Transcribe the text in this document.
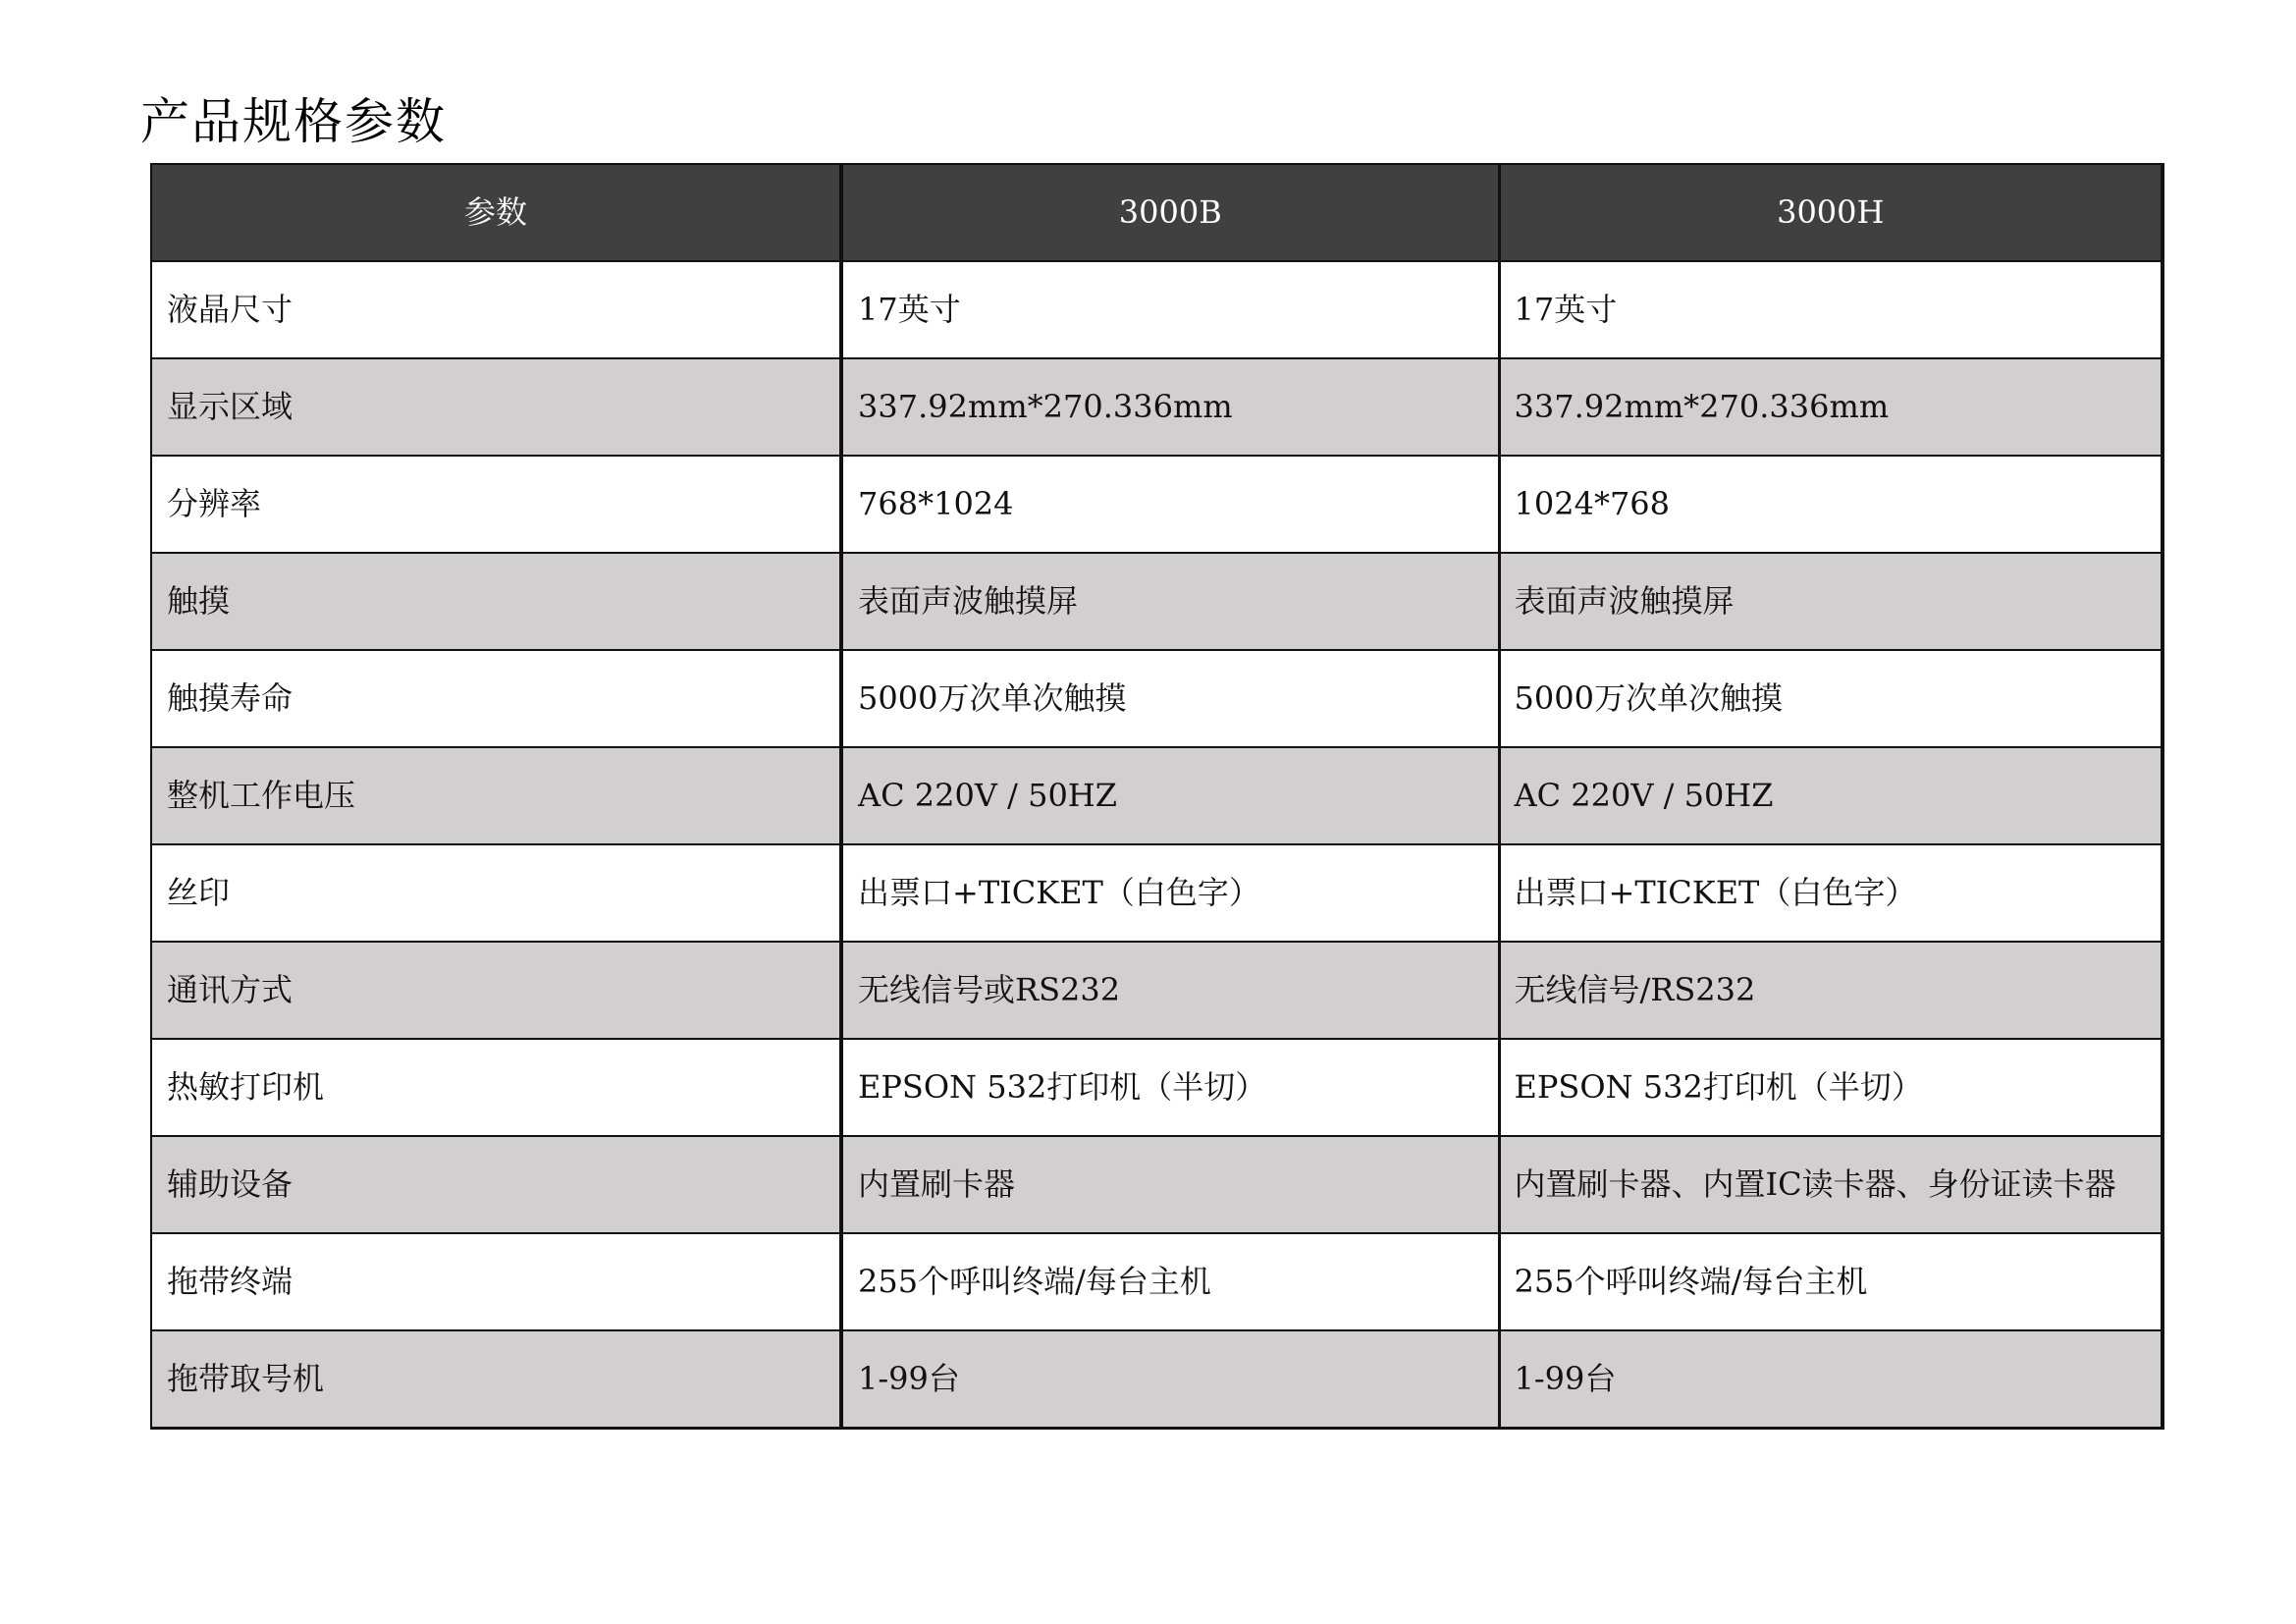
产品规格参数
参数	3000B	3000H
液晶尺寸	17英寸	17英寸
显示区域	337.92mm*270.336mm	337.92mm*270.336mm
分辨率	768*1024	1024*768
触摸	表面声波触摸屏	表面声波触摸屏
触摸寿命	5000万次单次触摸	5000万次单次触摸
整机工作电压	AC 220V / 50HZ	AC 220V / 50HZ
丝印	出票口+TICKET（白色字）	出票口+TICKET（白色字）
通讯方式	无线信号或RS232	无线信号/RS232
热敏打印机	EPSON 532打印机（半切）	EPSON 532打印机（半切）
辅助设备	内置刷卡器	内置刷卡器、内置IC读卡器、身份证读卡器
拖带终端	255个呼叫终端/每台主机	255个呼叫终端/每台主机
拖带取号机	1-99台	1-99台
